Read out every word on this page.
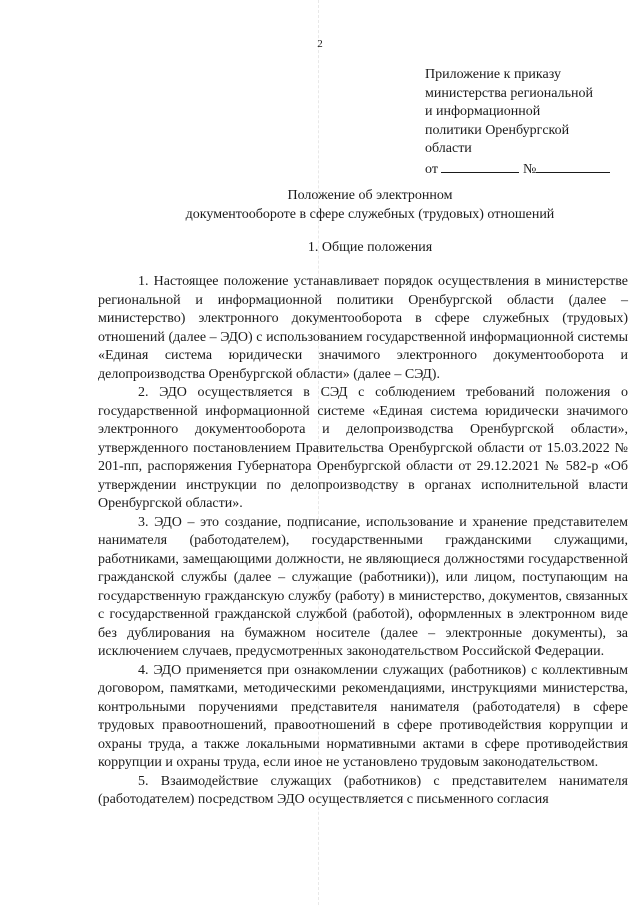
2
Приложение к приказу
министерства региональной
и информационной
политики Оренбургской
области
от	№
Положение об электронном
документообороте в сфере служебных (трудовых) отношений
1. Общие положения

1. Настоящее положение устанавливает порядок осуществления в министерстве региональной и информационной политики Оренбургской области (далее – министерство) электронного документооборота в сфере служебных (трудовых) отношений (далее – ЭДО) с использованием государственной информационной системы «Единая система юридически значимого электронного документооборота и делопроизводства Оренбургской области» (далее – СЭД).

2. ЭДО осуществляется в СЭД с соблюдением требований положения о государственной информационной системе «Единая система юридически значимого электронного документооборота и делопроизводства Оренбургской области», утвержденного постановлением Правительства Оренбургской области от 15.03.2022 № 201-пп, распоряжения Губернатора Оренбургской области от 29.12.2021 № 582-р «Об утверждении инструкции по делопроизводству в органах исполнительной власти Оренбургской области».

3. ЭДО – это создание, подписание, использование и хранение представителем нанимателя (работодателем), государственными гражданскими служащими, работниками, замещающими должности, не являющиеся должностями государственной гражданской службы (далее – служащие (работники)), или лицом, поступающим на государственную гражданскую службу (работу) в министерство, документов, связанных с государственной гражданской службой (работой), оформленных в электронном виде без дублирования на бумажном носителе (далее – электронные документы), за исключением случаев, предусмотренных законодательством Российской Федерации.

4. ЭДО применяется при ознакомлении служащих (работников) с коллективным договором, памятками, методическими рекомендациями, инструкциями министерства, контрольными поручениями представителя нанимателя (работодателя) в сфере трудовых правоотношений, правоотношений в сфере противодействия коррупции и охраны труда, а также локальными нормативными актами в сфере противодействия коррупции и охраны труда, если иное не установлено трудовым законодательством.

5. Взаимодействие служащих (работников) с представителем нанимателя (работодателем) посредством ЭДО осуществляется с письменного согласия
